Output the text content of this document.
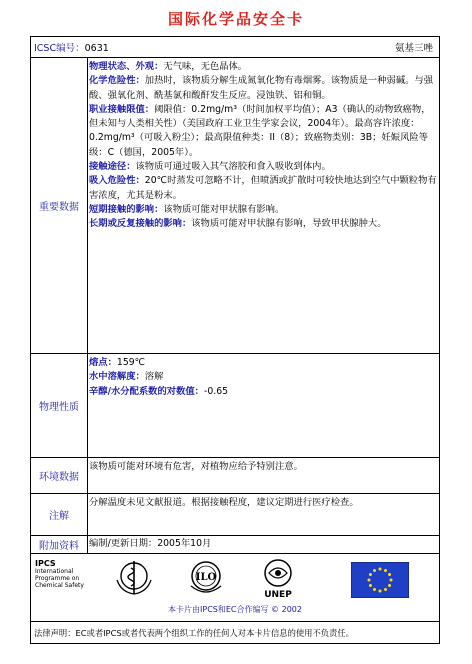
国际化学品安全卡
ICSC编号：0631	氨基三唑
重要数据
物理状态、外观：无气味，无色晶体。
化学危险性：加热时，该物质分解生成氮氧化物有毒烟雾。该物质是一种弱碱。与强酸、强氧化剂、酰基氯和酸酐发生反应。浸蚀铁、铝和铜。
职业接触限值：阈限值：0.2mg/m³（时间加权平均值）；A3（确认的动物致癌物，但未知与人类相关性）（美国政府工业卫生学家会议，2004年）。最高容许浓度：0.2mg/m³（可吸入粉尘）；最高限值种类：II（8）；致癌物类别：3B；妊娠风险等级：C（德国，2005年）。
接触途径：该物质可通过吸入其气溶胶和食入吸收到体内。
吸入危险性：20℃时蒸发可忽略不计，但喷洒或扩散时可较快地达到空气中颗粒物有害浓度，尤其是粉末。
短期接触的影响：该物质可能对甲状腺有影响。
长期或反复接触的影响：该物质可能对甲状腺有影响，导致甲状腺肿大。
物理性质
熔点：159℃
水中溶解度：溶解
辛醇/水分配系数的对数值：-0.65
环境数据
该物质可能对环境有危害，对植物应给予特别注意。
注解
分解温度未见文献报道。根据接触程度，建议定期进行医疗检查。
附加资料	编制/更新日期：2005年10月
IPCS
International
Programme on
Chemical Safety
ILO
UNEP
本卡片由IPCS和EC合作编写 © 2002
法律声明：EC或者IPCS或者代表两个组织工作的任何人对本卡片信息的使用不负责任。
